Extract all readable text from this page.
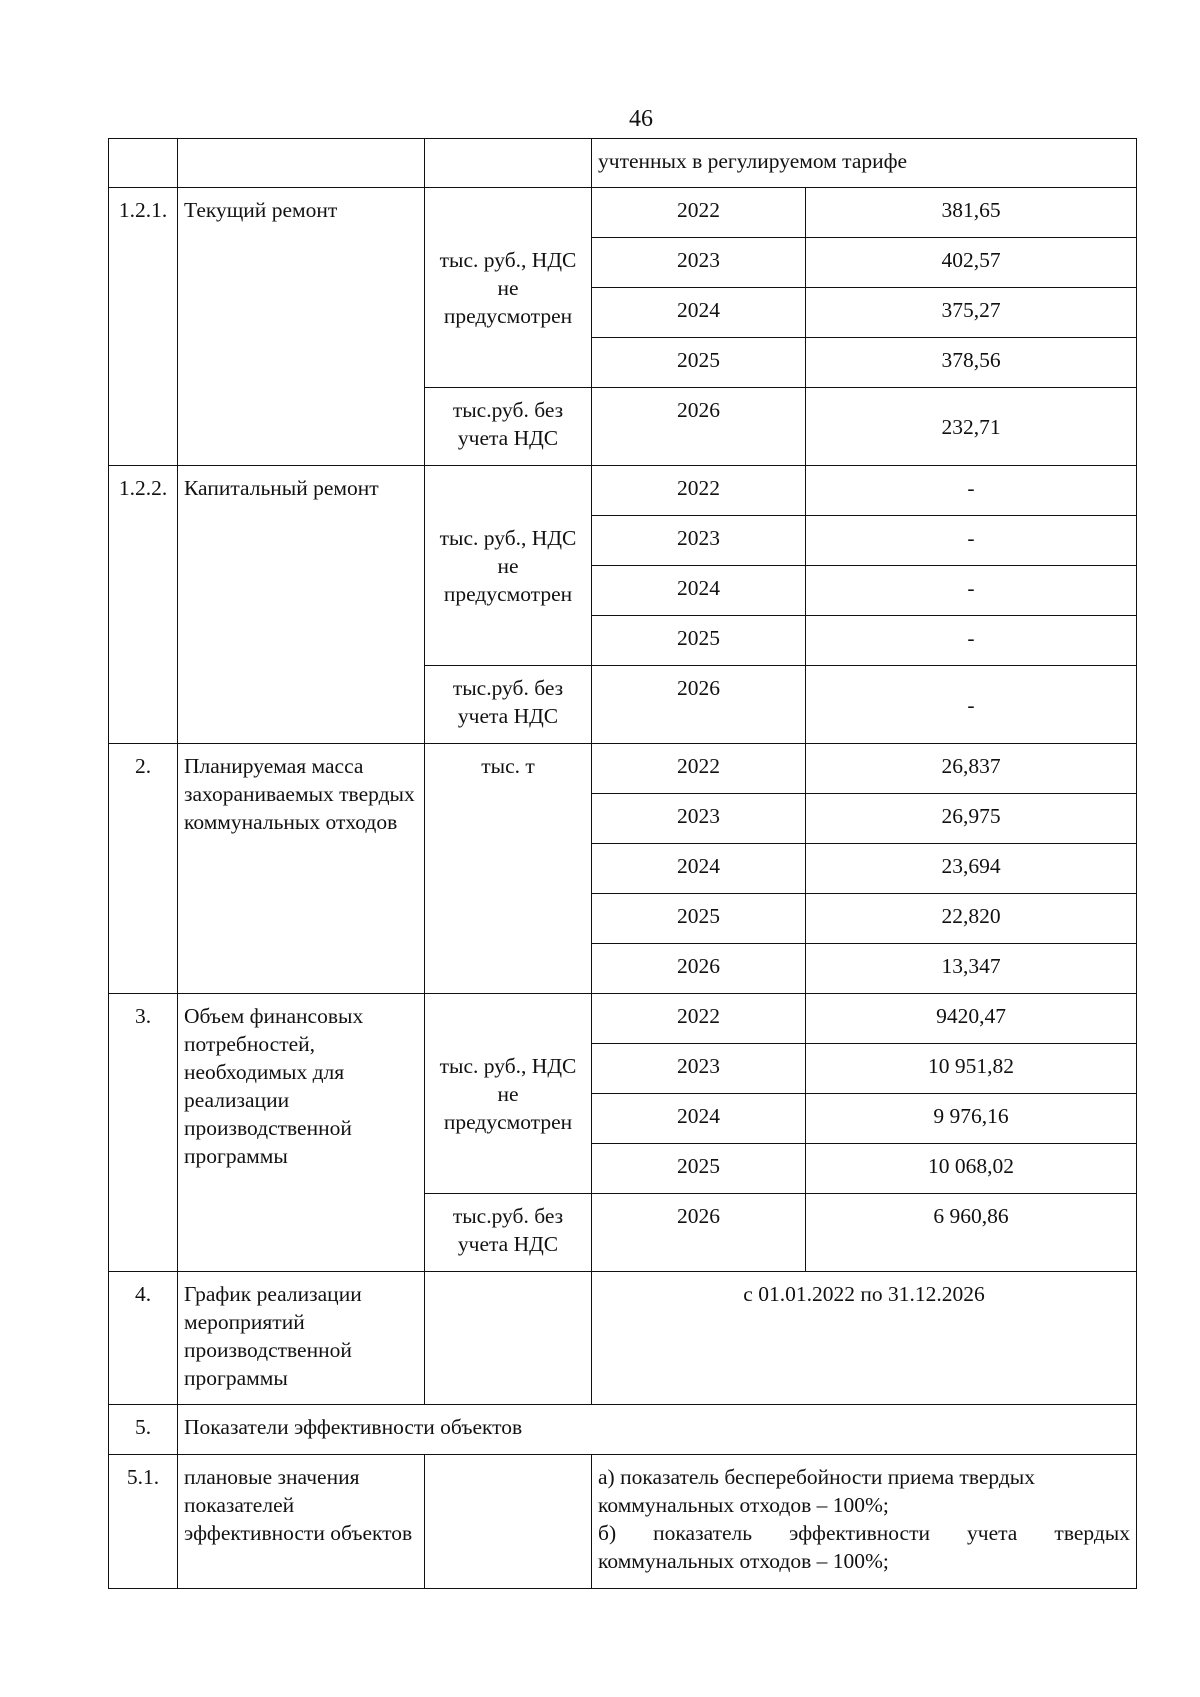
46
			учтенных в регулируемом тарифе	
1.2.1.	Текущий ремонт	тыс. руб., НДС не предусмотрен	2022	381,65
			2023	402,57
			2024	375,27
			2025	378,56
		тыс.руб. без учета НДС	2026	232,71
1.2.2.	Капитальный ремонт	тыс. руб., НДС не предусмотрен	2022	-
			2023	-
			2024	-
			2025	-
		тыс.руб. без учета НДС	2026	-
2.	Планируемая масса захораниваемых твердых коммунальных отходов	тыс. т	2022	26,837
			2023	26,975
			2024	23,694
			2025	22,820
			2026	13,347
3.	Объем финансовых потребностей, необходимых для реализации производственной программы	тыс. руб., НДС не предусмотрен	2022	9420,47
			2023	10 951,82
			2024	9 976,16
			2025	10 068,02
		тыс.руб. без учета НДС	2026	6 960,86
4.	График реализации мероприятий производственной программы		с 01.01.2022 по 31.12.2026	
5.	Показатели эффективности объектов			
5.1.	плановые значения показателей эффективности объектов		а) показатель бесперебойности приема твердых коммунальных отходов – 100%;
б) показатель эффективности учета твердых
коммунальных отходов – 100%;	
